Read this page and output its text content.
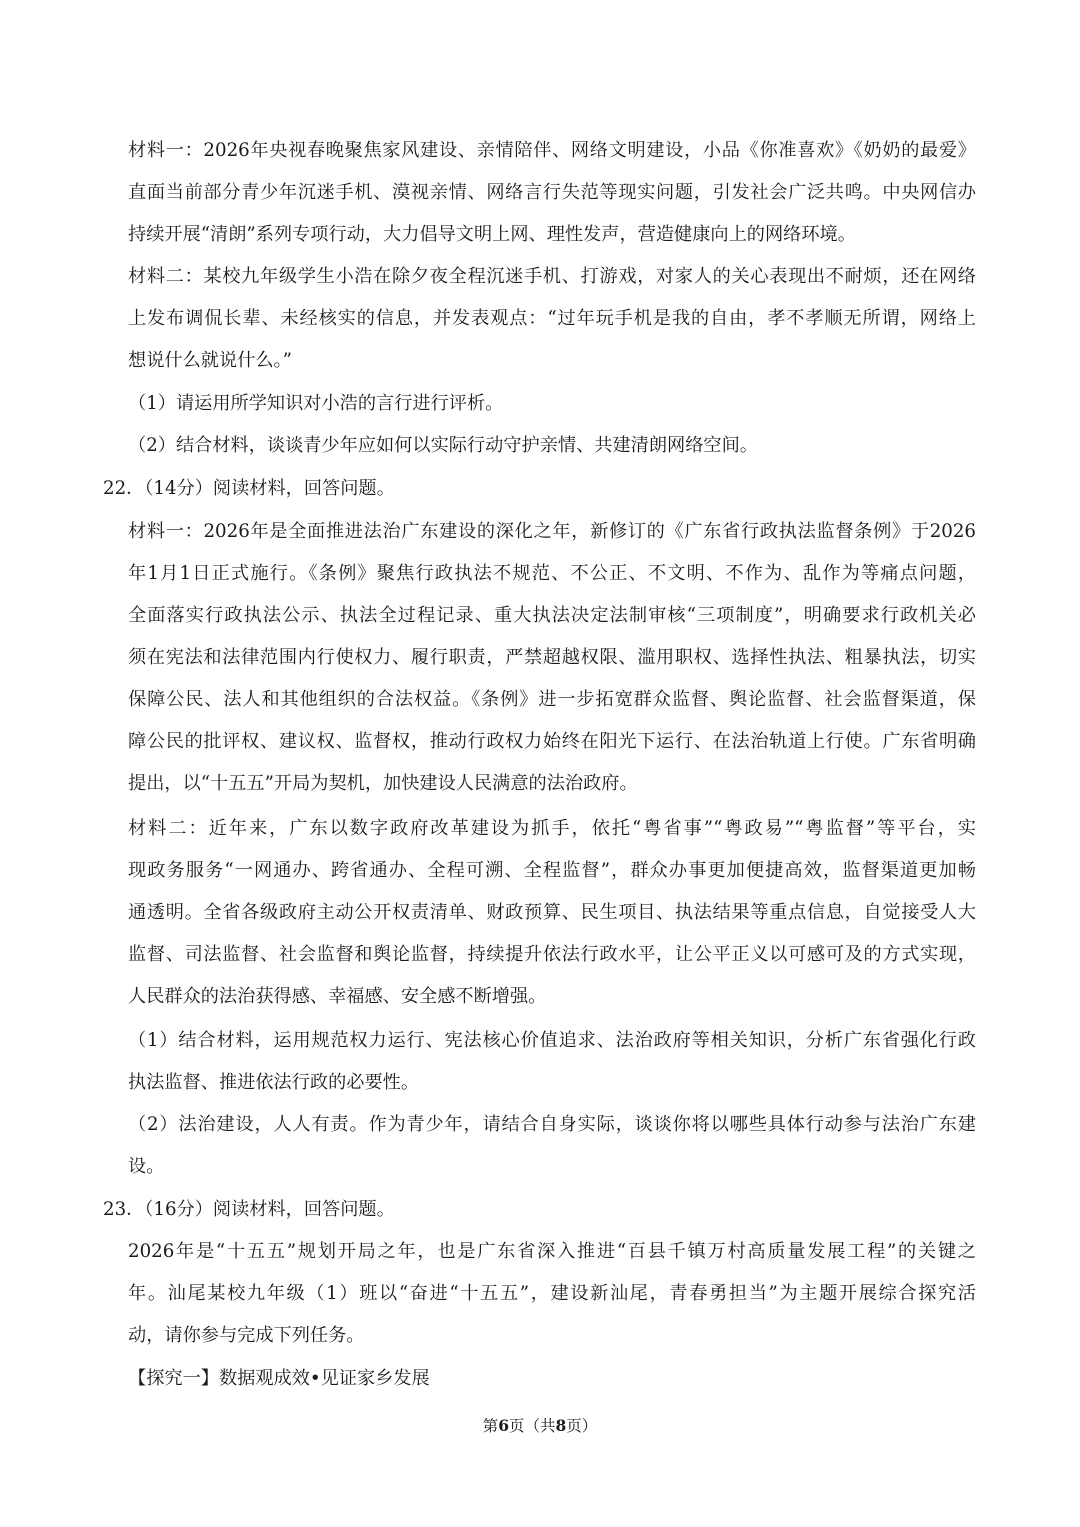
材料一：2026年央视春晚聚焦家风建设、亲情陪伴、网络文明建设，小品《你准喜欢》《奶奶的最爱》
直面当前部分青少年沉迷手机、漠视亲情、网络言行失范等现实问题，引发社会广泛共鸣。中央网信办
持续开展“清朗”系列专项行动，大力倡导文明上网、理性发声，营造健康向上的网络环境。
材料二：某校九年级学生小浩在除夕夜全程沉迷手机、打游戏，对家人的关心表现出不耐烦，还在网络
上发布调侃长辈、未经核实的信息，并发表观点：“过年玩手机是我的自由，孝不孝顺无所谓，网络上
想说什么就说什么。”
（1）请运用所学知识对小浩的言行进行评析。
（2）结合材料，谈谈青少年应如何以实际行动守护亲情、共建清朗网络空间。
22．（14分）阅读材料，回答问题。
材料一：2026年是全面推进法治广东建设的深化之年，新修订的《广东省行政执法监督条例》于2026
年1月1日正式施行。《条例》聚焦行政执法不规范、不公正、不文明、不作为、乱作为等痛点问题，
全面落实行政执法公示、执法全过程记录、重大执法决定法制审核“三项制度”，明确要求行政机关必
须在宪法和法律范围内行使权力、履行职责，严禁超越权限、滥用职权、选择性执法、粗暴执法，切实
保障公民、法人和其他组织的合法权益。《条例》进一步拓宽群众监督、舆论监督、社会监督渠道，保
障公民的批评权、建议权、监督权，推动行政权力始终在阳光下运行、在法治轨道上行使。广东省明确
提出，以“十五五”开局为契机，加快建设人民满意的法治政府。
材料二：近年来，广东以数字政府改革建设为抓手，依托“粤省事”“粤政易”“粤监督”等平台，实
现政务服务“一网通办、跨省通办、全程可溯、全程监督”，群众办事更加便捷高效，监督渠道更加畅
通透明。全省各级政府主动公开权责清单、财政预算、民生项目、执法结果等重点信息，自觉接受人大
监督、司法监督、社会监督和舆论监督，持续提升依法行政水平，让公平正义以可感可及的方式实现，
人民群众的法治获得感、幸福感、安全感不断增强。
（1）结合材料，运用规范权力运行、宪法核心价值追求、法治政府等相关知识，分析广东省强化行政
执法监督、推进依法行政的必要性。
（2）法治建设，人人有责。作为青少年，请结合自身实际，谈谈你将以哪些具体行动参与法治广东建
设。
23．（16分）阅读材料，回答问题。
2026年是“十五五”规划开局之年，也是广东省深入推进“百县千镇万村高质量发展工程”的关键之
年。汕尾某校九年级（1）班以“奋进“十五五”，建设新汕尾，青春勇担当”为主题开展综合探究活
动，请你参与完成下列任务。
【探究一】数据观成效•见证家乡发展
第6页（共8页）
